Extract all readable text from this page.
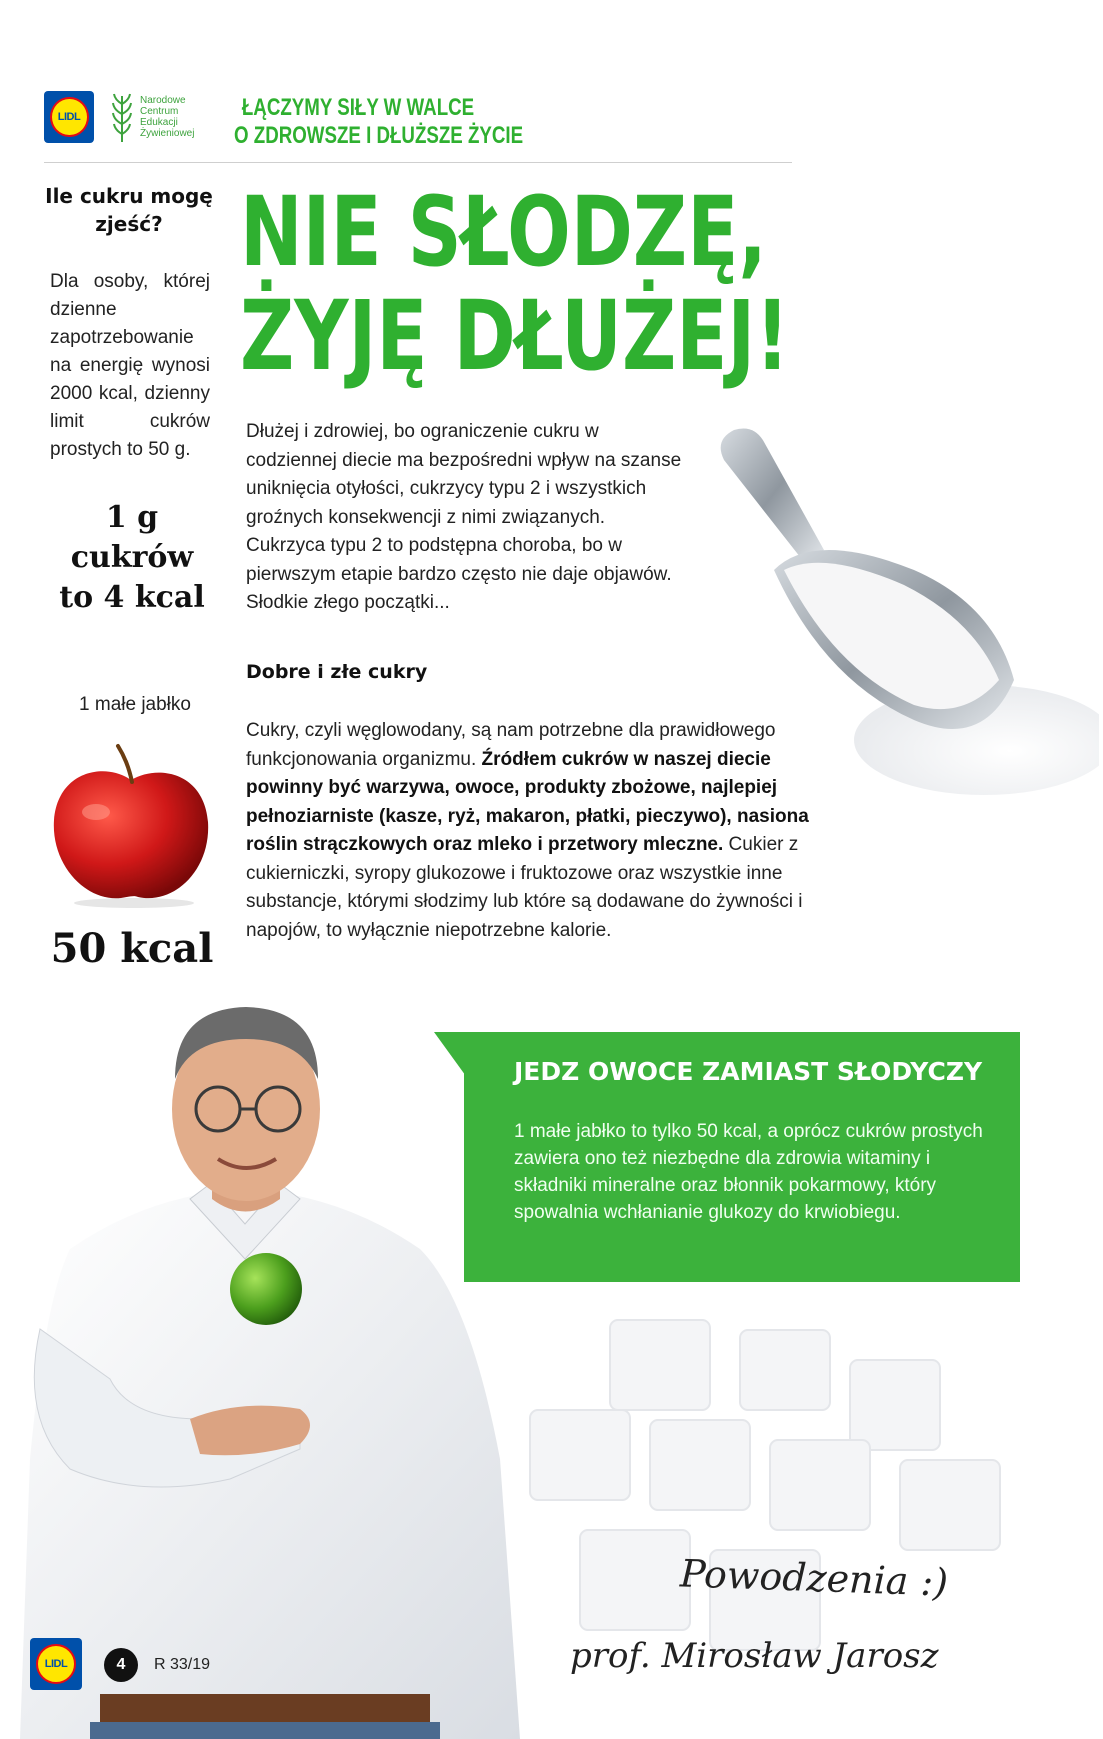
LIDL
Narodowe
Centrum
Edukacji
Żywieniowej
ŁĄCZYMY SIŁY W WALCE
O ZDROWSZE I DŁUŻSZE ŻYCIE
Ile cukru mogę zjeść?
Dla osoby, której dzienne zapotrzebowanie na energię wynosi 2000 kcal, dzienny limit cukrów prostych to 50 g.
1 g cukrów
to 4 kcal
1 małe jabłko
50 kcal
NIE SŁODZĘ,
ŻYJĘ DŁUŻEJ!
Dłużej i zdrowiej, bo ograniczenie cukru w codziennej diecie ma bezpośredni wpływ na szanse uniknięcia otyłości, cukrzycy typu 2 i wszystkich groźnych konsekwencji z nimi związanych. Cukrzyca typu 2 to podstępna choroba, bo w pierwszym etapie bardzo często nie daje objawów. Słodkie złego początki...
Dobre i złe cukry
Cukry, czyli węglowodany, są nam potrzebne dla prawidłowego funkcjonowania organizmu. Źródłem cukrów w naszej diecie powinny być warzywa, owoce, produkty zbożowe, najlepiej pełnoziarniste (kasze, ryż, makaron, płatki, pieczywo), nasiona roślin strączkowych oraz mleko i przetwory mleczne. Cukier z cukierniczki, syropy glukozowe i fruktozowe oraz wszystkie inne substancje, którymi słodzimy lub które są dodawane do żywności i napojów, to wyłącznie niepotrzebne kalorie.
JEDZ OWOCE ZAMIAST SŁODYCZY
1 małe jabłko to tylko 50 kcal, a oprócz cukrów prostych zawiera ono też niezbędne dla zdrowia witaminy i składniki mineralne oraz błonnik pokarmowy, który spowalnia wchłanianie glukozy do krwiobiegu.
Powodzenia :)
prof. Mirosław Jarosz
LIDL	4	R 33/19
